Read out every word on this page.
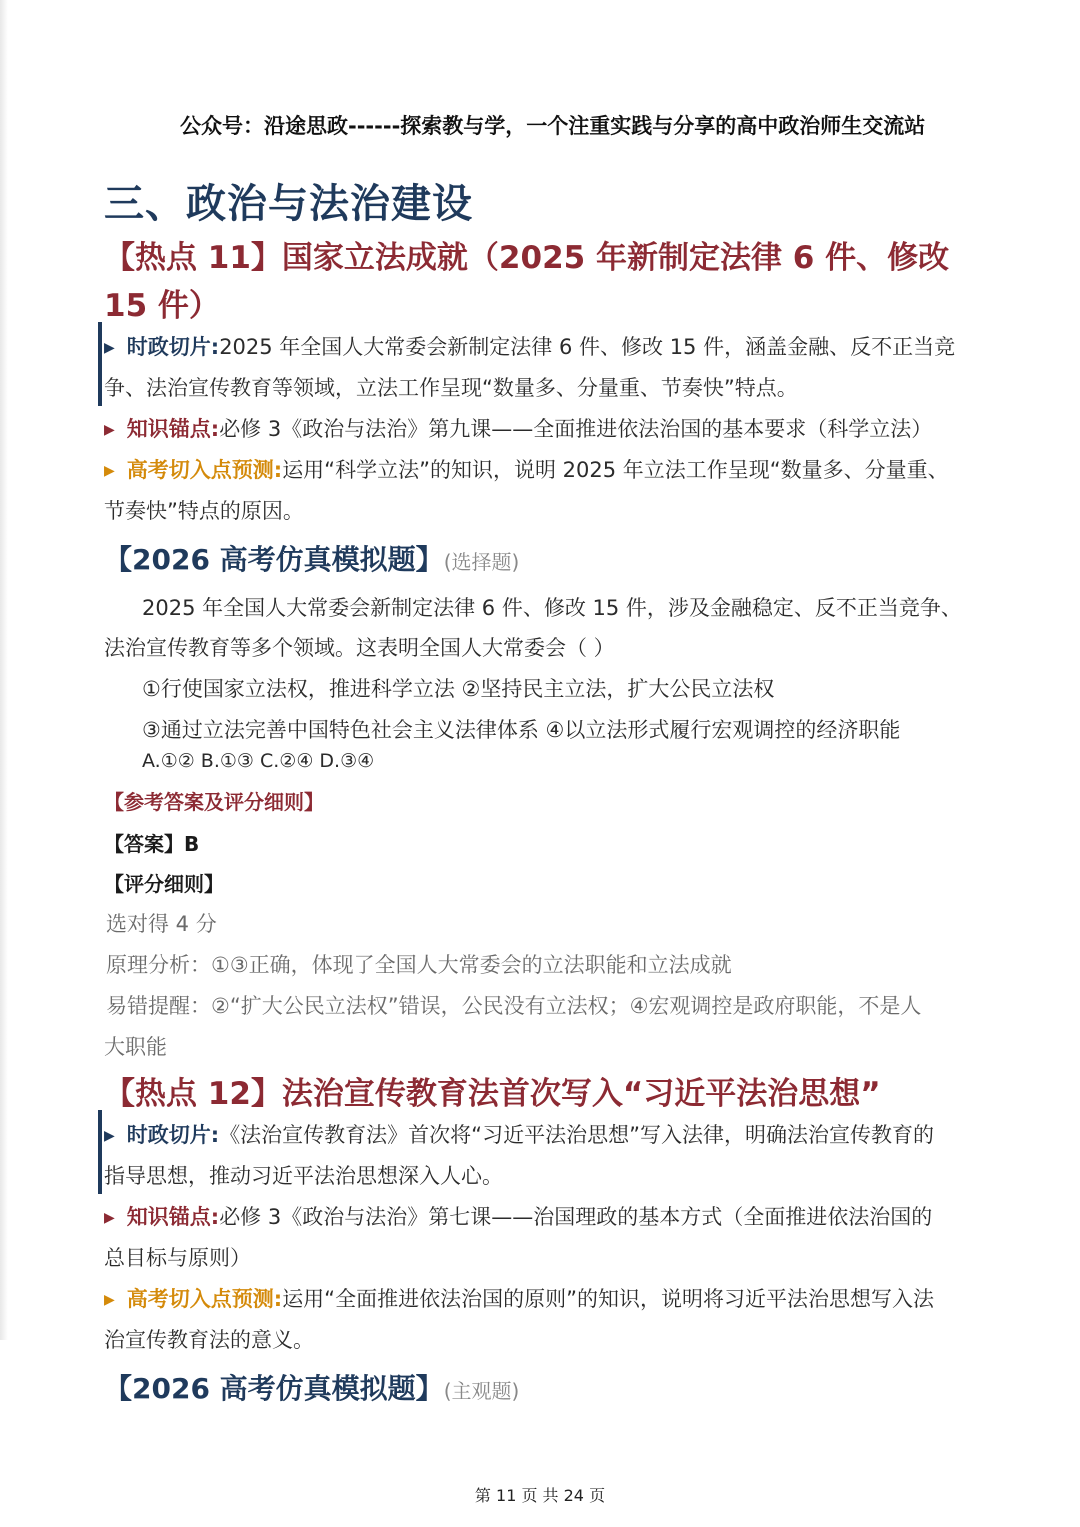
公众号：沿途思政------探索教与学，一个注重实践与分享的高中政治师生交流站
三、政治与法治建设
【热点 11】国家立法成就（2025 年新制定法律 6 件、修改
15 件）
▶ 时政切片:2025 年全国人大常委会新制定法律 6 件、修改 15 件，涵盖金融、反不正当竞
争、法治宣传教育等领域，立法工作呈现“数量多、分量重、节奏快”特点。
▶ 知识锚点:必修 3《政治与法治》第九课——全面推进依法治国的基本要求（科学立法）
▶ 高考切入点预测:运用“科学立法”的知识，说明 2025 年立法工作呈现“数量多、分量重、
节奏快”特点的原因。
【2026 高考仿真模拟题】(选择题)
2025 年全国人大常委会新制定法律 6 件、修改 15 件，涉及金融稳定、反不正当竞争、
法治宣传教育等多个领域。这表明全国人大常委会（ ）
①行使国家立法权，推进科学立法 ②坚持民主立法，扩大公民立法权
③通过立法完善中国特色社会主义法律体系 ④以立法形式履行宏观调控的经济职能
A.①② B.①③ C.②④ D.③④
【参考答案及评分细则】
【答案】B
【评分细则】
选对得 4 分
原理分析：①③正确，体现了全国人大常委会的立法职能和立法成就
易错提醒：②“扩大公民立法权”错误，公民没有立法权；④宏观调控是政府职能，不是人
大职能
【热点 12】法治宣传教育法首次写入“习近平法治思想”
▶ 时政切片:《法治宣传教育法》首次将“习近平法治思想”写入法律，明确法治宣传教育的
指导思想，推动习近平法治思想深入人心。
▶ 知识锚点:必修 3《政治与法治》第七课——治国理政的基本方式（全面推进依法治国的
总目标与原则）
▶ 高考切入点预测:运用“全面推进依法治国的原则”的知识，说明将习近平法治思想写入法
治宣传教育法的意义。
【2026 高考仿真模拟题】(主观题)
第 11 页 共 24 页
